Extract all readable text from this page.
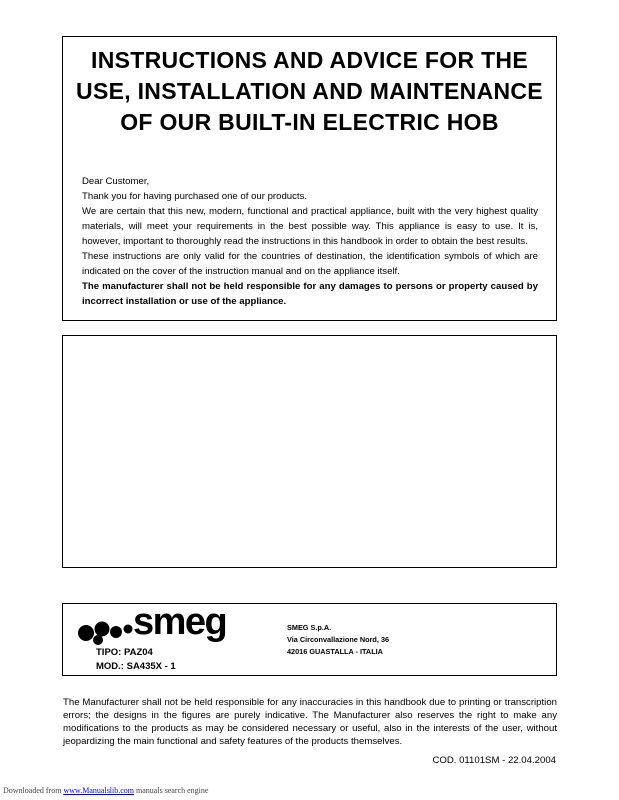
INSTRUCTIONS AND ADVICE FOR THE
USE, INSTALLATION AND MAINTENANCE
OF OUR BUILT-IN ELECTRIC HOB

Dear Customer,

Thank you for having purchased one of our products.

We are certain that this new, modern, functional and practical appliance, built with the very highest quality materials, will meet your requirements in the best possible way. This appliance is easy to use. It is, however, important to thoroughly read the instructions in this handbook in order to obtain the best results.

These instructions are only valid for the countries of destination, the identification symbols of which are indicated on the cover of the instruction manual and on the appliance itself.

The manufacturer shall not be held responsible for any damages to persons or property caused by incorrect installation or use of the appliance.

smeg
TIPO: PAZ04
MOD.: SA435X - 1
SMEG S.p.A.
Via Circonvallazione Nord, 36
42016 GUASTALLA - ITALIA
The Manufacturer shall not be held responsible for any inaccuracies in this handbook due to printing or transcription errors; the designs in the figures are purely indicative. The Manufacturer also reserves the right to make any modifications to the products as may be considered necessary or useful, also in the interests of the user, without jeopardizing the main functional and safety features of the products themselves.
COD. 01101SM - 22.04.2004
Downloaded from www.Manualslib.com manuals search engine
